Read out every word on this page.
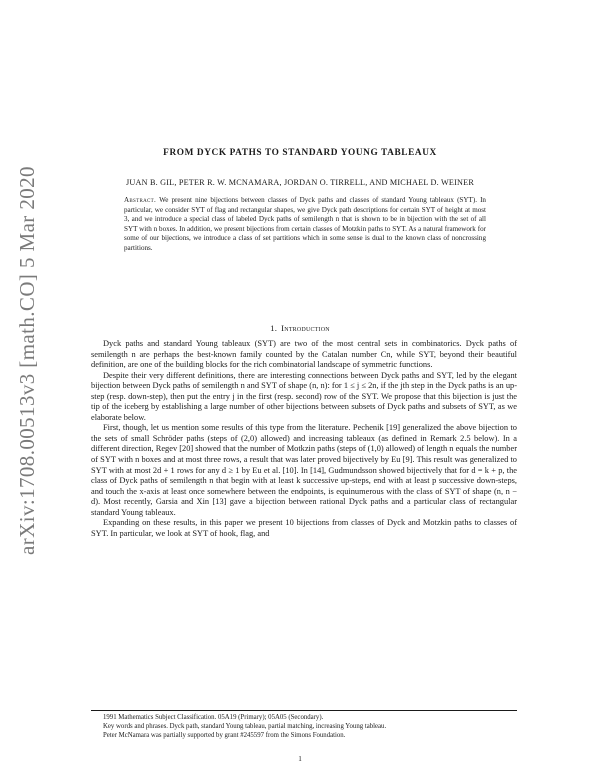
arXiv:1708.00513v3 [math.CO] 5 Mar 2020
FROM DYCK PATHS TO STANDARD YOUNG TABLEAUX
JUAN B. GIL, PETER R. W. MCNAMARA, JORDAN O. TIRRELL, AND MICHAEL D. WEINER
Abstract. We present nine bijections between classes of Dyck paths and classes of standard Young tableaux (SYT). In particular, we consider SYT of flag and rectangular shapes, we give Dyck path descriptions for certain SYT of height at most 3, and we introduce a special class of labeled Dyck paths of semilength n that is shown to be in bijection with the set of all SYT with n boxes. In addition, we present bijections from certain classes of Motzkin paths to SYT. As a natural framework for some of our bijections, we introduce a class of set partitions which in some sense is dual to the known class of noncrossing partitions.
1. Introduction

Dyck paths and standard Young tableaux (SYT) are two of the most central sets in combinatorics. Dyck paths of semilength n are perhaps the best-known family counted by the Catalan number Cn, while SYT, beyond their beautiful definition, are one of the building blocks for the rich combinatorial landscape of symmetric functions.

Despite their very different definitions, there are interesting connections between Dyck paths and SYT, led by the elegant bijection between Dyck paths of semilength n and SYT of shape (n, n): for 1 ≤ j ≤ 2n, if the jth step in the Dyck paths is an up-step (resp. down-step), then put the entry j in the first (resp. second) row of the SYT. We propose that this bijection is just the tip of the iceberg by establishing a large number of other bijections between subsets of Dyck paths and subsets of SYT, as we elaborate below.

First, though, let us mention some results of this type from the literature. Pechenik [19] generalized the above bijection to the sets of small Schröder paths (steps of (2,0) allowed) and increasing tableaux (as defined in Remark 2.5 below). In a different direction, Regev [20] showed that the number of Motkzin paths (steps of (1,0) allowed) of length n equals the number of SYT with n boxes and at most three rows, a result that was later proved bijectively by Eu [9]. This result was generalized to SYT with at most 2d + 1 rows for any d ≥ 1 by Eu et al. [10]. In [14], Gudmundsson showed bijectively that for d = k + p, the class of Dyck paths of semilength n that begin with at least k successive up-steps, end with at least p successive down-steps, and touch the x-axis at least once somewhere between the endpoints, is equinumerous with the class of SYT of shape (n, n − d). Most recently, Garsia and Xin [13] gave a bijection between rational Dyck paths and a particular class of rectangular standard Young tableaux.

Expanding on these results, in this paper we present 10 bijections from classes of Dyck and Motzkin paths to classes of SYT. In particular, we look at SYT of hook, flag, and

1991 Mathematics Subject Classification. 05A19 (Primary); 05A05 (Secondary).
Key words and phrases. Dyck path, standard Young tableau, partial matching, increasing Young tableau.
Peter McNamara was partially supported by grant #245597 from the Simons Foundation.
1
